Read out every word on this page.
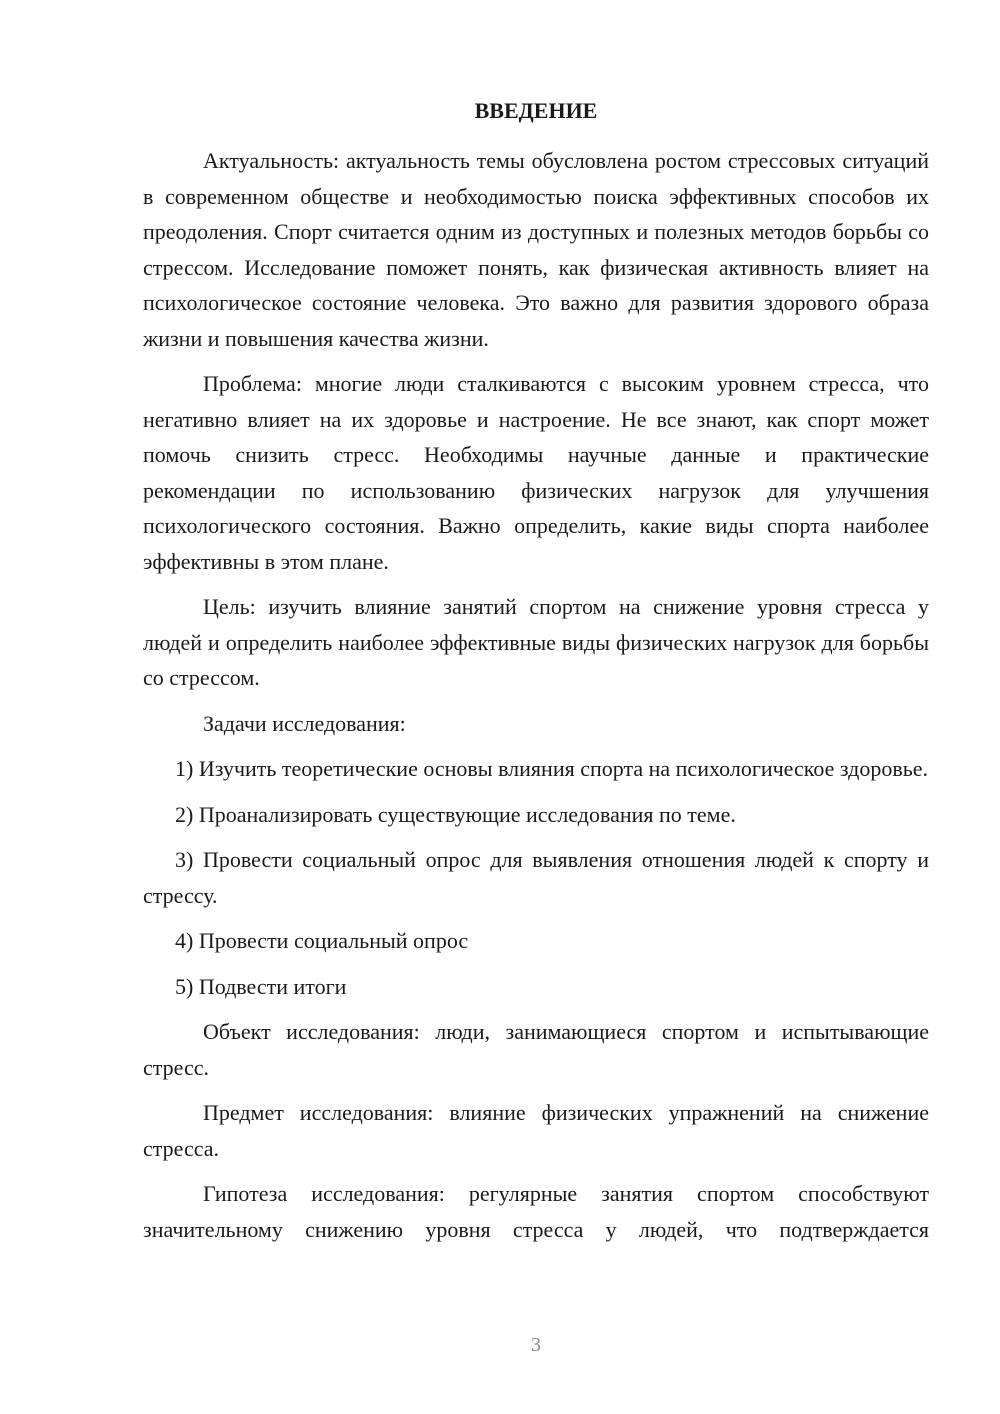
ВВЕДЕНИЕ

Актуальность: актуальность темы обусловлена ростом стрессовых ситуаций в современном обществе и необходимостью поиска эффективных способов их преодоления. Спорт считается одним из доступных и полезных методов борьбы со стрессом. Исследование поможет понять, как физическая активность влияет на психологическое состояние человека. Это важно для развития здорового образа жизни и повышения качества жизни.

Проблема: многие люди сталкиваются с высоким уровнем стресса, что негативно влияет на их здоровье и настроение. Не все знают, как спорт может помочь снизить стресс. Необходимы научные данные и практические рекомендации по использованию физических нагрузок для улучшения психологического состояния. Важно определить, какие виды спорта наиболее эффективны в этом плане.

Цель: изучить влияние занятий спортом на снижение уровня стресса у людей и определить наиболее эффективные виды физических нагрузок для борьбы со стрессом.

Задачи исследования:

1) Изучить теоретические основы влияния спорта на психологическое здоровье.

2) Проанализировать существующие исследования по теме.

3) Провести социальный опрос для выявления отношения людей к спорту и стрессу.

4) Провести социальный опрос

5) Подвести итоги

Объект исследования: люди, занимающиеся спортом и испытывающие стресс.

Предмет исследования: влияние физических упражнений на снижение стресса.

Гипотеза исследования: регулярные занятия спортом способствуют значительному снижению уровня стресса у людей, что подтверждается

3
